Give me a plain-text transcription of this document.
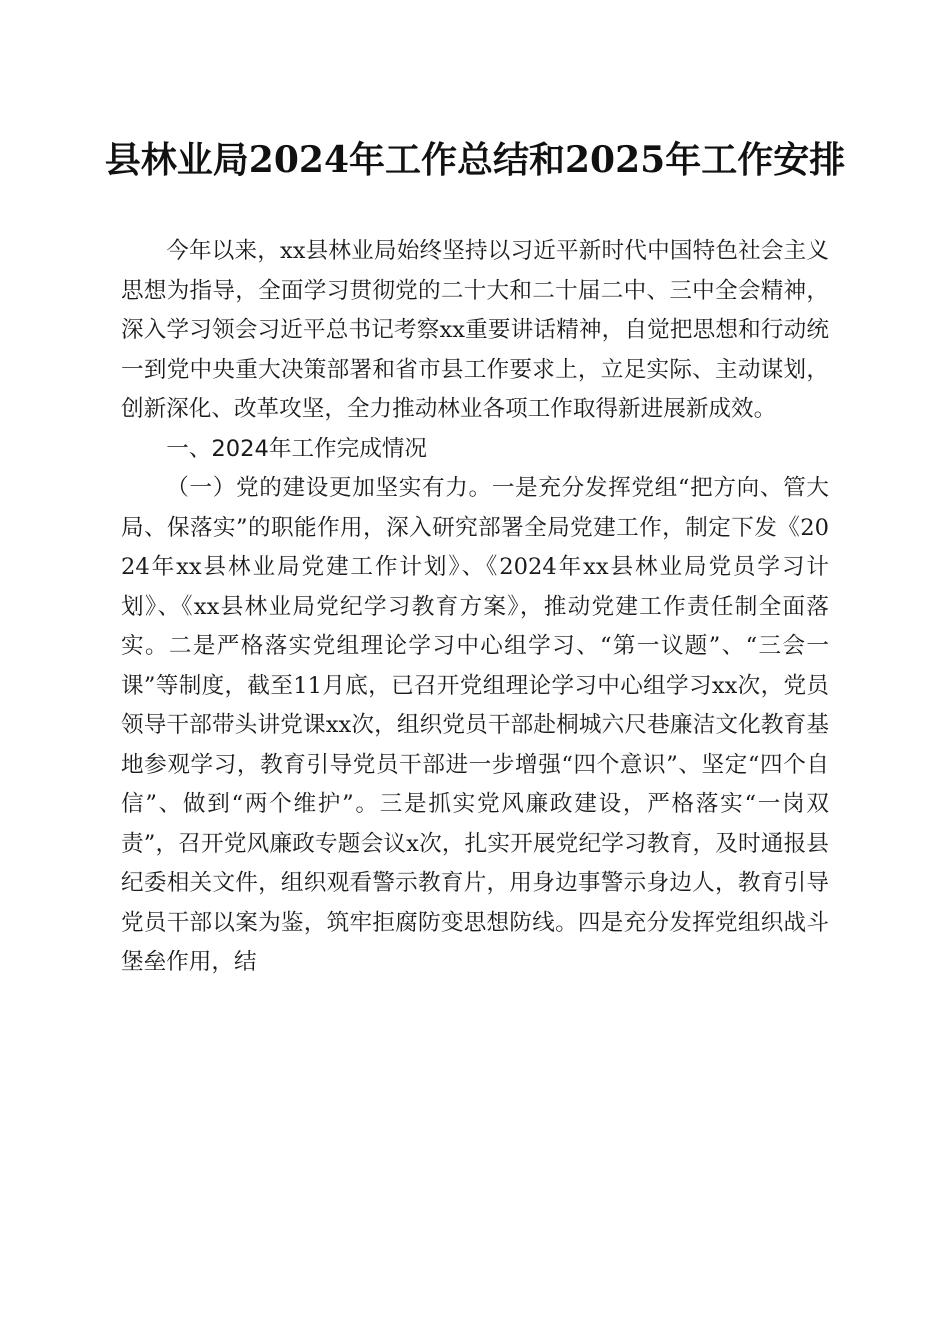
县林业局2024年工作总结和2025年工作安排

今年以来，xx县林业局始终坚持以习近平新时代中国特色社会主义思想为指导，全面学习贯彻党的二十大和二十届二中、三中全会精神，深入学习领会习近平总书记考察xx重要讲话精神，自觉把思想和行动统一到党中央重大决策部署和省市县工作要求上，立足实际、主动谋划，创新深化、改革攻坚，全力推动林业各项工作取得新进展新成效。

一、2024年工作完成情况

（一）党的建设更加坚实有力。一是充分发挥党组“把方向、管大局、保落实”的职能作用，深入研究部署全局党建工作，制定下发《2024年xx县林业局党建工作计划》、《2024年xx县林业局党员学习计划》、《xx县林业局党纪学习教育方案》，推动党建工作责任制全面落实。二是严格落实党组理论学习中心组学习、“第一议题”、“三会一课”等制度，截至11月底，已召开党组理论学习中心组学习xx次，党员领导干部带头讲党课xx次，组织党员干部赴桐城六尺巷廉洁文化教育基地参观学习，教育引导党员干部进一步增强“四个意识”、坚定“四个自信”、做到“两个维护”。三是抓实党风廉政建设，严格落实“一岗双责”，召开党风廉政专题会议x次，扎实开展党纪学习教育，及时通报县纪委相关文件，组织观看警示教育片，用身边事警示身边人，教育引导党员干部以案为鉴，筑牢拒腐防变思想防线。四是充分发挥党组织战斗堡垒作用，结
